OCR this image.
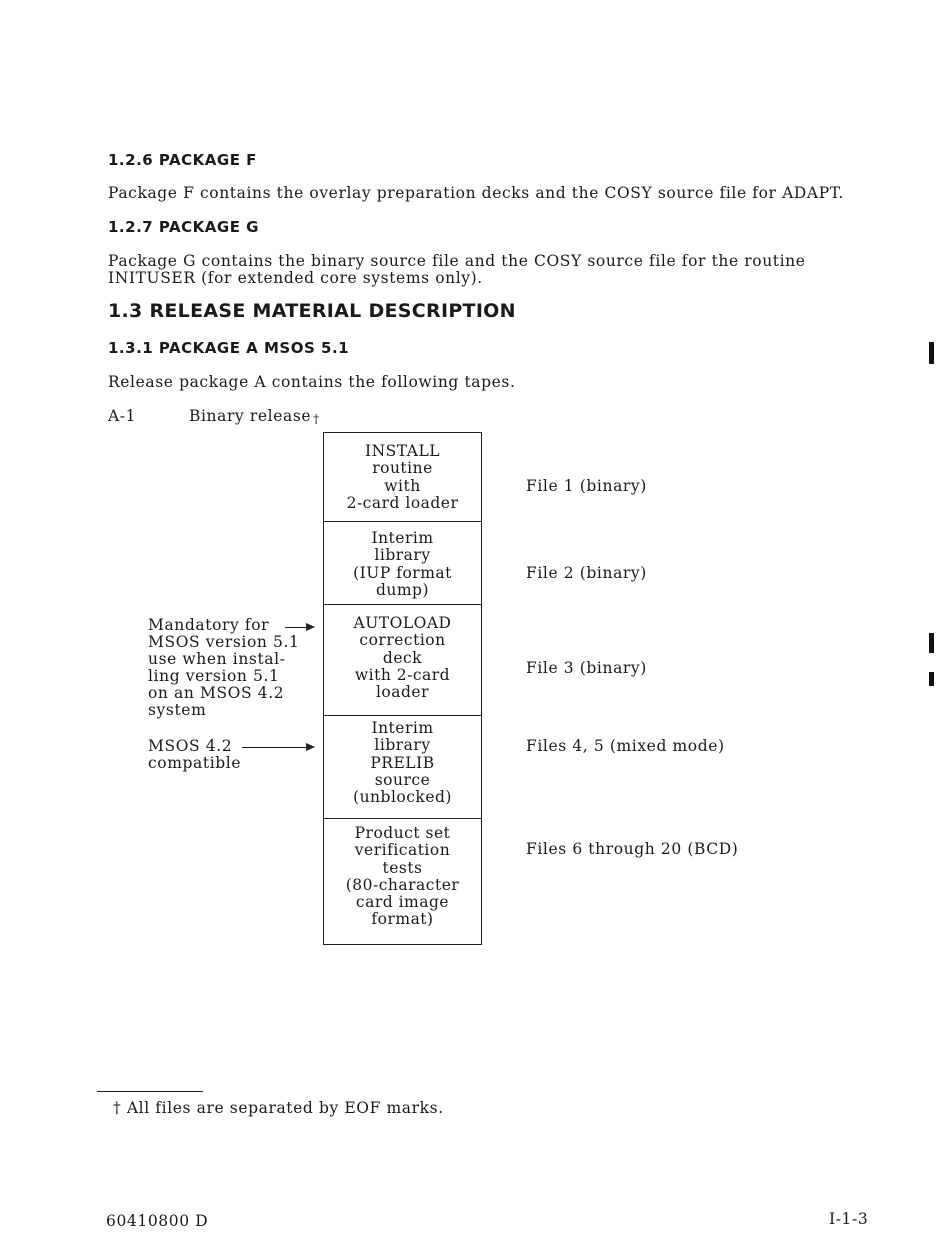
1.2.6 PACKAGE F
Package F contains the overlay preparation decks and the COSY source file for ADAPT.
1.2.7 PACKAGE G
Package G contains the binary source file and the COSY source file for the routine
INITUSER (for extended core systems only).
1.3 RELEASE MATERIAL DESCRIPTION
1.3.1 PACKAGE A MSOS 5.1
Release package A contains the following tapes.
A-1	Binary release †
INSTALL
routine
with
2-card loader
Interim
library
(IUP format
dump)
AUTOLOAD
correction
deck
with 2-card
loader
Interim
library
PRELIB
source
(unblocked)
Product set
verification
tests
(80-character
card image
format)
File 1 (binary)
File 2 (binary)
File 3 (binary)
Files 4, 5 (mixed mode)
Files 6 through 20 (BCD)
Mandatory for
MSOS version 5.1
use when instal-
ling version 5.1
on an MSOS 4.2
system
MSOS 4.2
compatible
† All files are separated by EOF marks.
60410800 D	I-1-3
